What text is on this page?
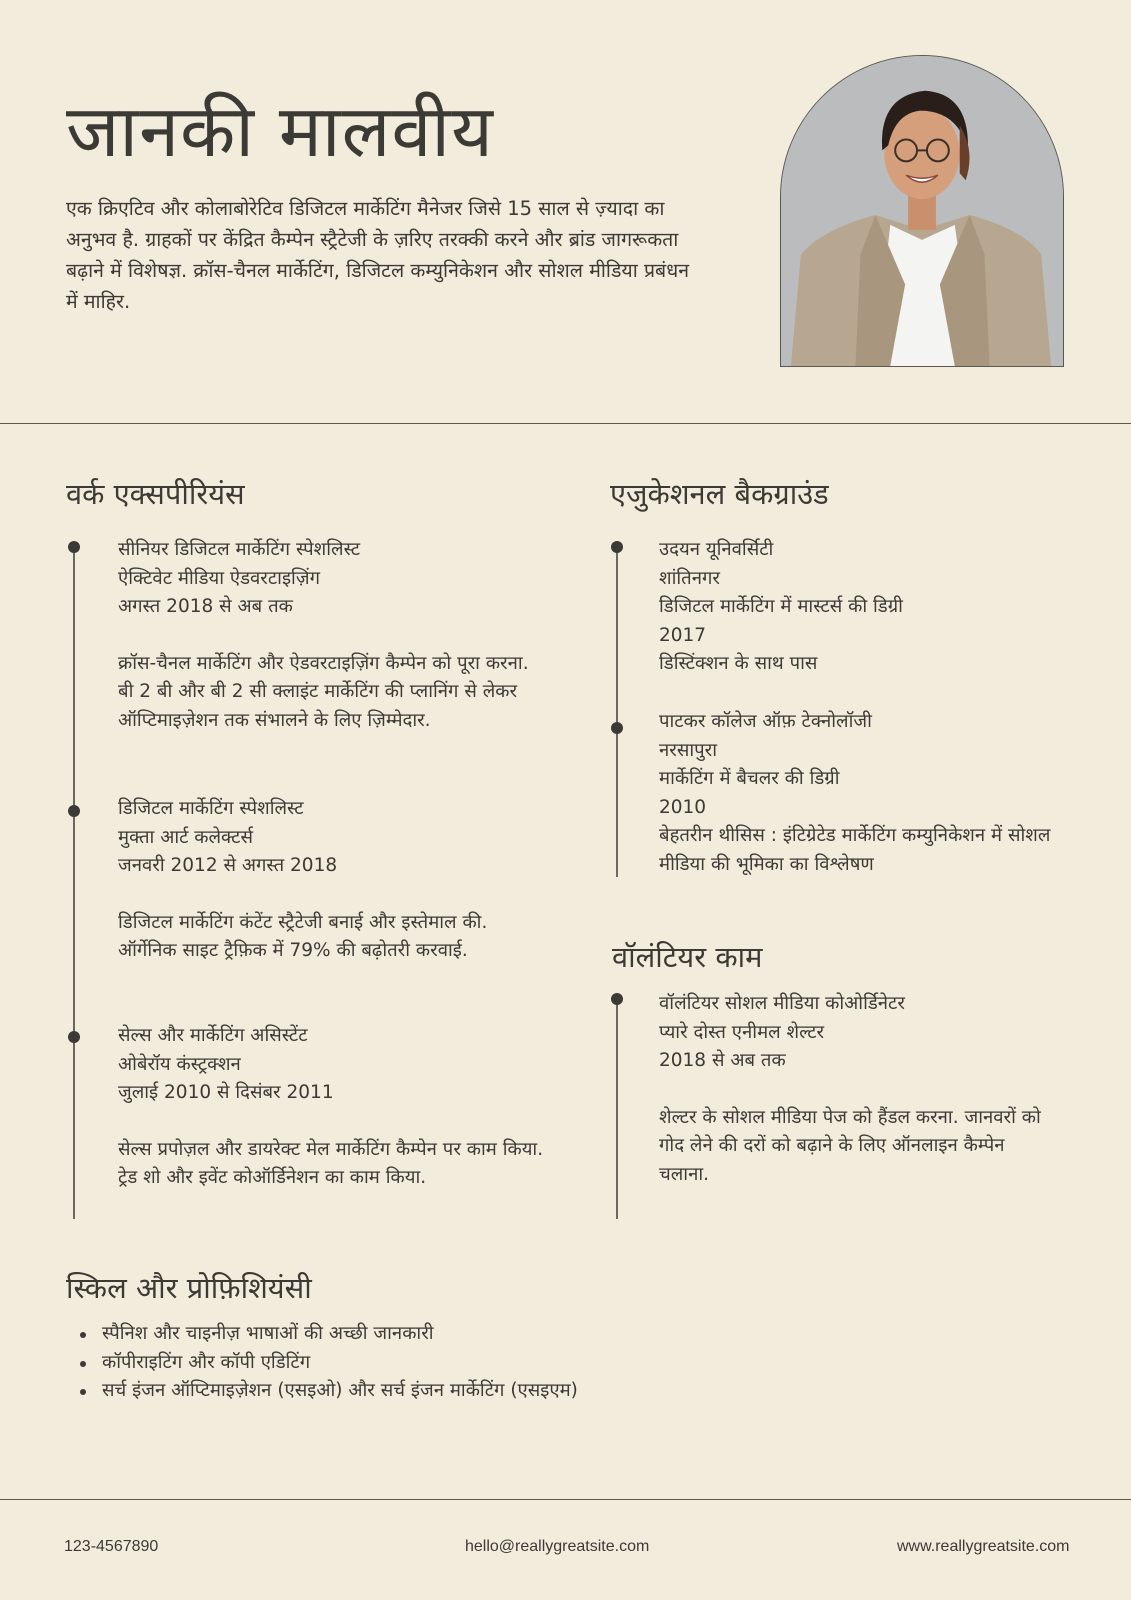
जानकी मालवीय

एक क्रिएटिव और कोलाबोरेटिव डिजिटल मार्केटिंग मैनेजर जिसे 15 साल से ज़्यादा का अनुभव है. ग्राहकों पर केंद्रित कैम्पेन स्ट्रैटेजी के ज़रिए तरक्की करने और ब्रांड जागरूकता बढ़ाने में विशेषज्ञ. क्रॉस-चैनल मार्केटिंग, डिजिटल कम्युनिकेशन और सोशल मीडिया प्रबंधन में माहिर.

वर्क एक्सपीरियंस

सीनियर डिजिटल मार्केटिंग स्पेशलिस्ट

ऐक्टिवेट मीडिया ऐडवरटाइज़िंग

अगस्त 2018 से अब तक

क्रॉस-चैनल मार्केटिंग और ऐडवरटाइज़िंग कैम्पेन को पूरा करना. बी 2 बी और बी 2 सी क्लाइंट मार्केटिंग की प्लानिंग से लेकर ऑप्टिमाइज़ेशन तक संभालने के लिए ज़िम्मेदार.

डिजिटल मार्केटिंग स्पेशलिस्ट

मुक्ता आर्ट कलेक्टर्स

जनवरी 2012 से अगस्त 2018

डिजिटल मार्केटिंग कंटेंट स्ट्रैटेजी बनाई और इस्तेमाल की. ऑर्गेनिक साइट ट्रैफ़िक में 79% की बढ़ोतरी करवाई.

सेल्स और मार्केटिंग असिस्टेंट

ओबेरॉय कंस्ट्रक्शन

जुलाई 2010 से दिसंबर 2011

सेल्स प्रपोज़ल और डायरेक्ट मेल मार्केटिंग कैम्पेन पर काम किया. ट्रेड शो और इवेंट कोऑर्डिनेशन का काम किया.

एजुकेशनल बैकग्राउंड

उदयन यूनिवर्सिटी

शांतिनगर

डिजिटल मार्केटिंग में मास्टर्स की डिग्री

2017

डिस्टिंक्शन के साथ पास

पाटकर कॉलेज ऑफ़ टेक्नोलॉजी

नरसापुरा

मार्केटिंग में बैचलर की डिग्री

2010

बेहतरीन थीसिस : इंटिग्रेटेड मार्केटिंग कम्युनिकेशन में सोशल मीडिया की भूमिका का विश्लेषण

वॉलंटियर काम

वॉलंटियर सोशल मीडिया कोओर्डिनेटर

प्यारे दोस्त एनीमल शेल्टर

2018 से अब तक

शेल्टर के सोशल मीडिया पेज को हैंडल करना. जानवरों को गोद लेने की दरों को बढ़ाने के लिए ऑनलाइन कैम्पेन चलाना.

स्किल और प्रोफ़िशियंसी
स्पैनिश और चाइनीज़ भाषाओं की अच्छी जानकारी
कॉपीराइटिंग और कॉपी एडिटिंग
सर्च इंजन ऑप्टिमाइज़ेशन (एसइओ) और सर्च इंजन मार्केटिंग (एसइएम)
123-4567890	hello@reallygreatsite.com	www.reallygreatsite.com
